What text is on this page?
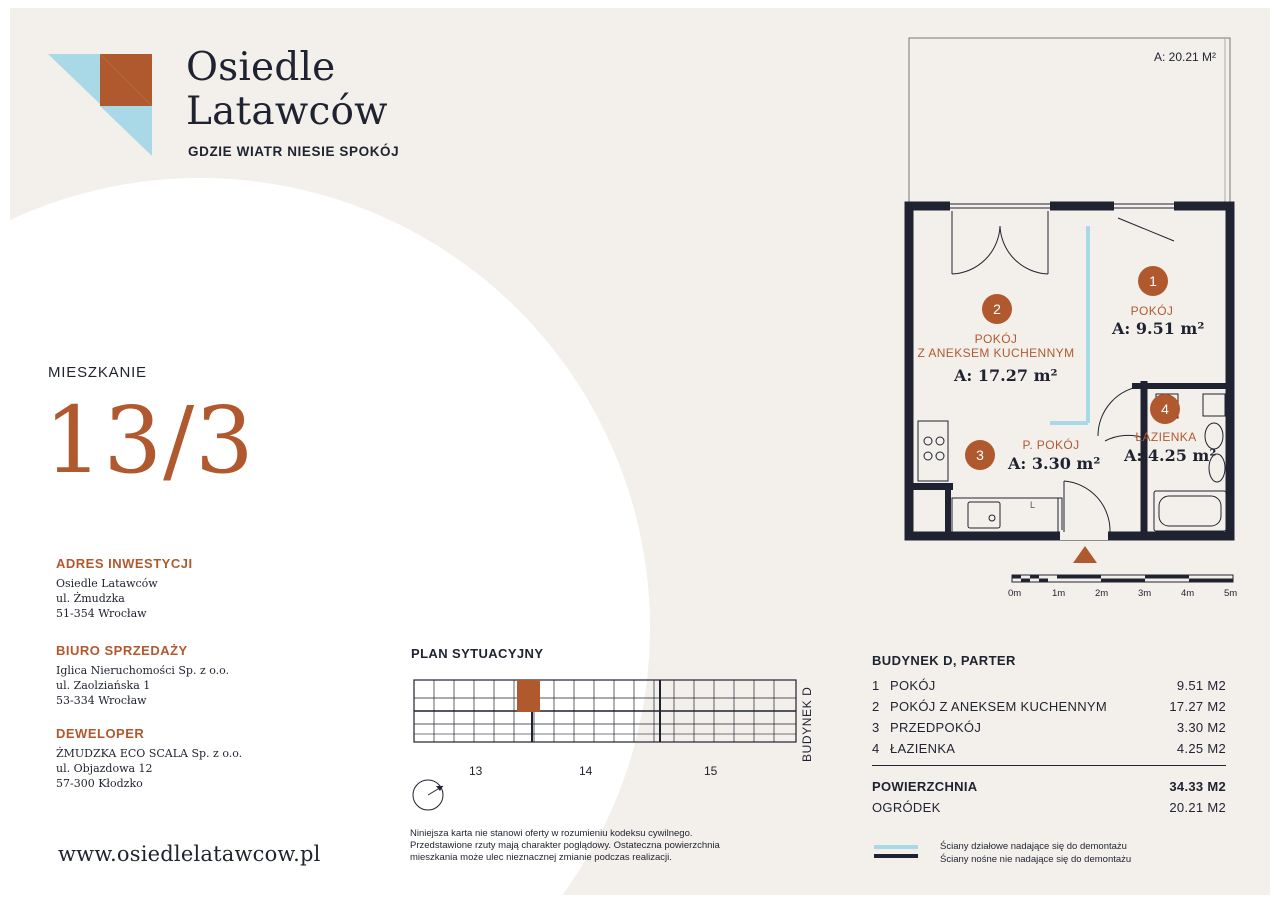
Osiedle
Latawców
GDZIE WIATR NIESIE SPOKÓJ
MIESZKANIE
13/3
ADRES INWESTYCJI
Osiedle Latawców
ul. Żmudzka
51-354 Wrocław
BIURO SPRZEDAŻY
Iglica Nieruchomości Sp. z o.o.
ul. Zaolziańska 1
53-334 Wrocław
DEWELOPER
ŻMUDZKA ECO SCALA Sp. z o.o.
ul. Objazdowa 12
57-300 Kłodzko
www.osiedlelatawcow.pl
A: 20.21 M²
1
POKÓJ
A: 9.51 m²
2
POKÓJ
Z ANEKSEM KUCHENNYM
A: 17.27 m²
3
P. POKÓJ
A: 3.30 m²
4
ŁAZIENKA
A: 4.25 m²
L
0m	1m	2m	3m	4m	5m
PLAN SYTUACYJNY
BUDYNEK D
13	14	15
BUDYNEK D, PARTER
1 POKÓJ	9.51 M2
2 POKÓJ Z ANEKSEM KUCHENNYM	17.27 M2
3 PRZEDPOKÓJ	3.30 M2
4 ŁAZIENKA	4.25 M2
POWIERZCHNIA	34.33 M2
OGRÓDEK	20.21 M2
Niniejsza karta nie stanowi oferty w rozumieniu kodeksu cywilnego.
Przedstawione rzuty mają charakter poglądowy. Ostateczna powierzchnia
mieszkania może ulec nieznacznej zmianie podczas realizacji.
Ściany działowe nadające się do demontażu
Ściany nośne nie nadające się do demontażu
